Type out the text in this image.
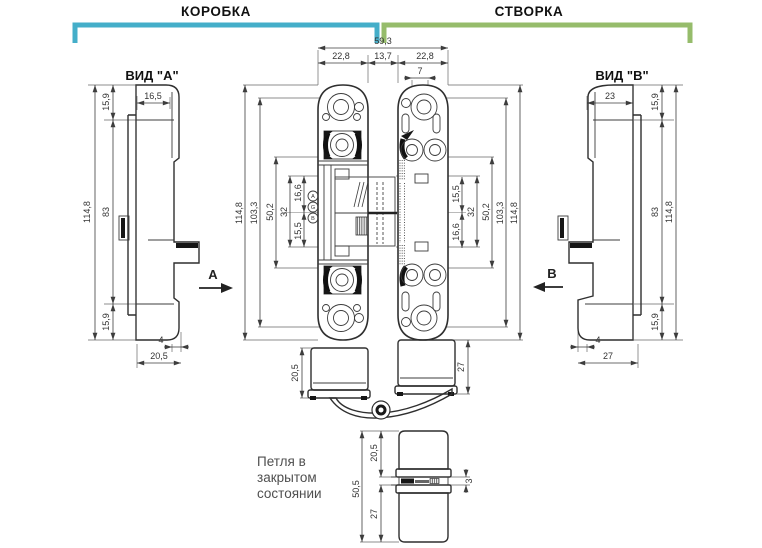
КОРОБКА	СТВОРКА
ВИД "А"
114,8
15,9
83
15,9
16,5
4
20,5
A
59,3
22,8	13,7	22,8
7
114,8 103,3 50,2 32
16,6
15,5
15,5
16,6
32 50,2 103,3 114,8
A
G
B
ВИД "В"
23	15,9
83
15,9
114,8
4
27
B
20,5	27
Петля в
закрытом
состоянии	50,5
20,5
27
3
